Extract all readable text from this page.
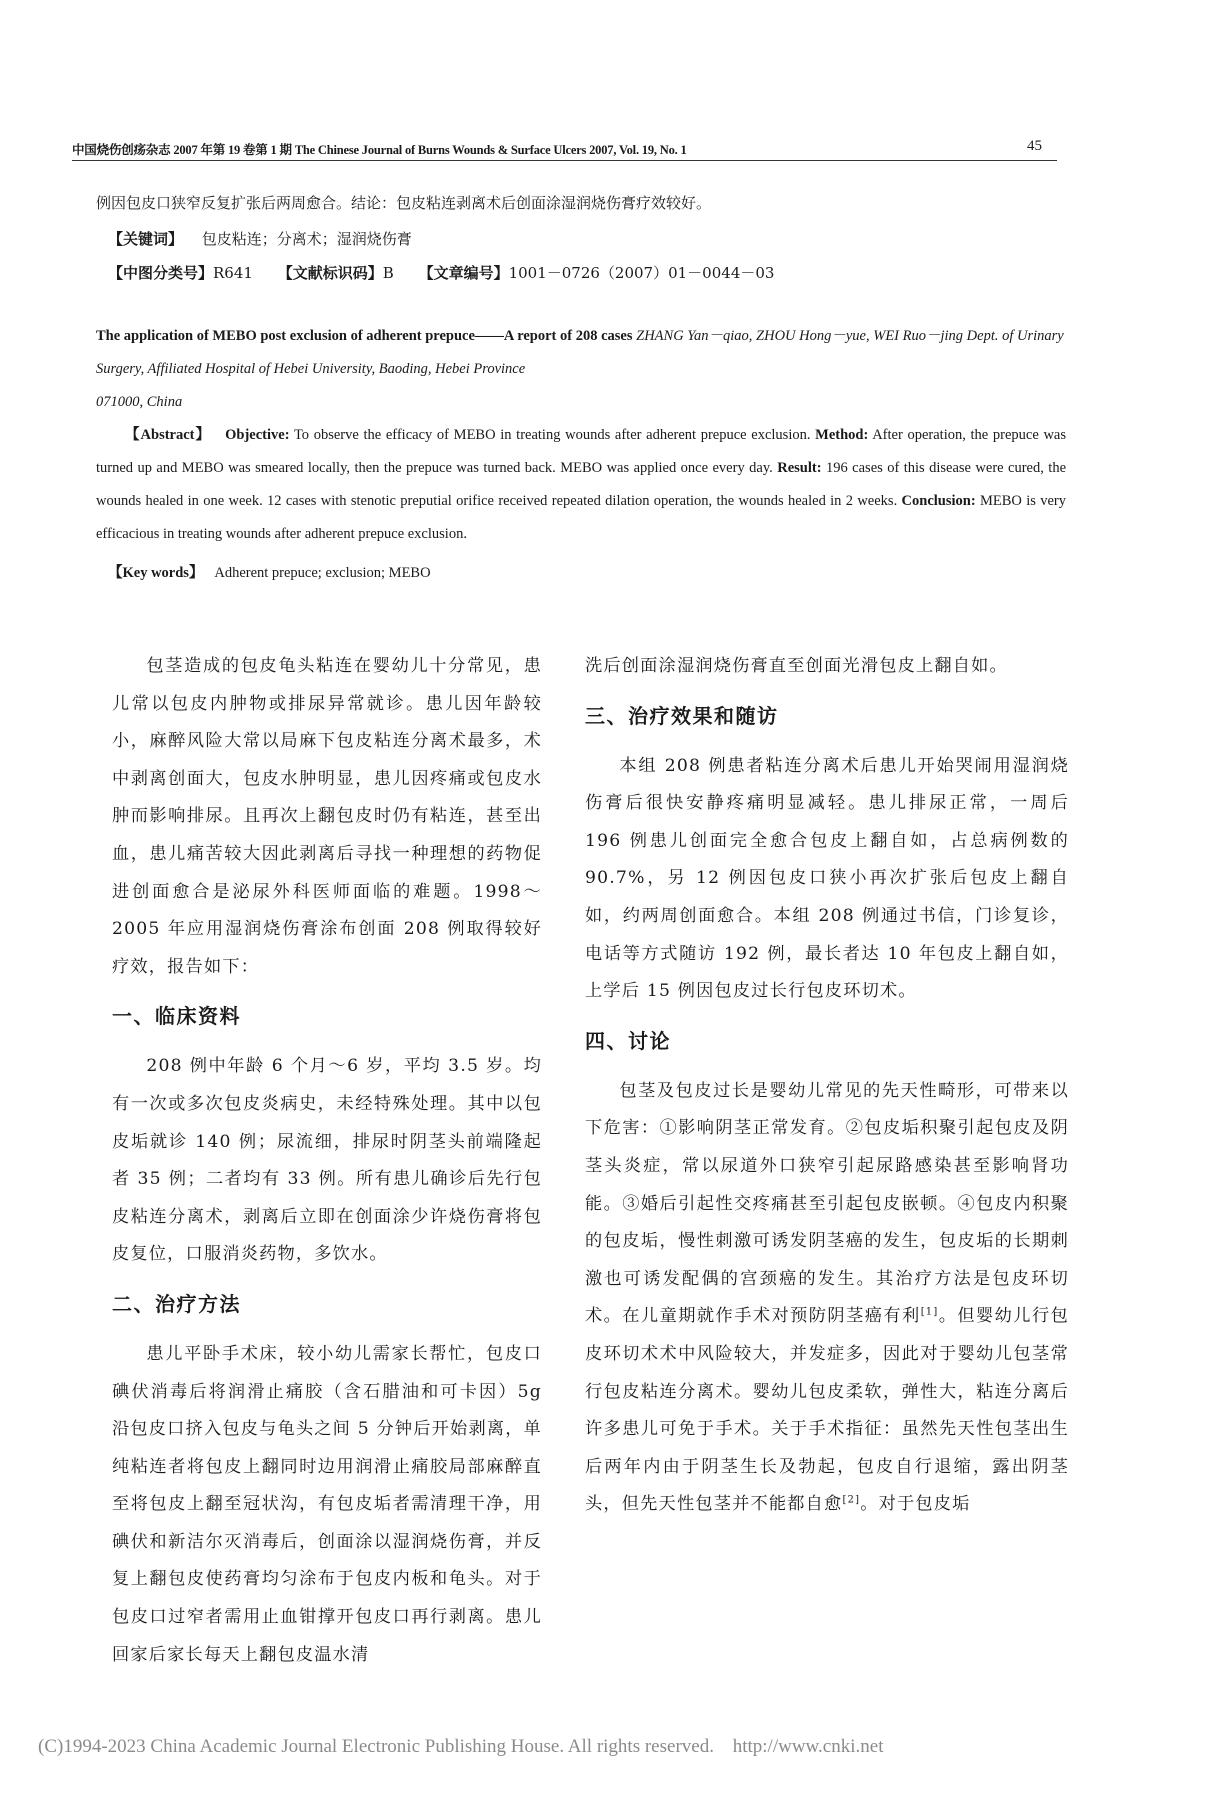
中国烧伤创疡杂志 2007 年第 19 卷第 1 期 The Chinese Journal of Burns Wounds & Surface Ulcers 2007, Vol. 19, No. 1	45
例因包皮口狭窄反复扩张后两周愈合。结论：包皮粘连剥离术后创面涂湿润烧伤膏疗效较好。
【关键词】 包皮粘连；分离术；湿润烧伤膏
【中图分类号】R641 【文献标识码】B 【文章编号】1001－0726（2007）01－0044－03
The application of MEBO post exclusion of adherent prepuce——A report of 208 cases ZHANG Yan－qiao, ZHOU Hong－yue, WEI Ruo－jing Dept. of Urinary Surgery, Affiliated Hospital of Hebei University, Baoding, Hebei Province
071000, China
【Abstract】 Objective: To observe the efficacy of MEBO in treating wounds after adherent prepuce exclusion. Method: After operation, the prepuce was turned up and MEBO was smeared locally, then the prepuce was turned back. MEBO was applied once every day. Result: 196 cases of this disease were cured, the wounds healed in one week. 12 cases with stenotic preputial orifice received repeated dilation operation, the wounds healed in 2 weeks. Conclusion: MEBO is very efficacious in treating wounds after adherent prepuce exclusion.
【Key words】 Adherent prepuce; exclusion; MEBO

包茎造成的包皮龟头粘连在婴幼儿十分常见，患儿常以包皮内肿物或排尿异常就诊。患儿因年龄较小，麻醉风险大常以局麻下包皮粘连分离术最多，术中剥离创面大，包皮水肿明显，患儿因疼痛或包皮水肿而影响排尿。且再次上翻包皮时仍有粘连，甚至出血，患儿痛苦较大因此剥离后寻找一种理想的药物促进创面愈合是泌尿外科医师面临的难题。1998～2005 年应用湿润烧伤膏涂布创面 208 例取得较好疗效，报告如下：

一、临床资料

208 例中年龄 6 个月～6 岁，平均 3.5 岁。均有一次或多次包皮炎病史，未经特殊处理。其中以包皮垢就诊 140 例；尿流细，排尿时阴茎头前端隆起者 35 例；二者均有 33 例。所有患儿确诊后先行包皮粘连分离术，剥离后立即在创面涂少许烧伤膏将包皮复位，口服消炎药物，多饮水。

二、治疗方法

患儿平卧手术床，较小幼儿需家长帮忙，包皮口碘伏消毒后将润滑止痛胶（含石腊油和可卡因）5g 沿包皮口挤入包皮与龟头之间 5 分钟后开始剥离，单纯粘连者将包皮上翻同时边用润滑止痛胶局部麻醉直至将包皮上翻至冠状沟，有包皮垢者需清理干净，用碘伏和新洁尔灭消毒后，创面涂以湿润烧伤膏，并反复上翻包皮使药膏均匀涂布于包皮内板和龟头。对于包皮口过窄者需用止血钳撑开包皮口再行剥离。患儿回家后家长每天上翻包皮温水清

洗后创面涂湿润烧伤膏直至创面光滑包皮上翻自如。

三、治疗效果和随访

本组 208 例患者粘连分离术后患儿开始哭闹用湿润烧伤膏后很快安静疼痛明显减轻。患儿排尿正常，一周后 196 例患儿创面完全愈合包皮上翻自如，占总病例数的 90.7%，另 12 例因包皮口狭小再次扩张后包皮上翻自如，约两周创面愈合。本组 208 例通过书信，门诊复诊，电话等方式随访 192 例，最长者达 10 年包皮上翻自如，上学后 15 例因包皮过长行包皮环切术。

四、讨论

包茎及包皮过长是婴幼儿常见的先天性畸形，可带来以下危害：①影响阴茎正常发育。②包皮垢积聚引起包皮及阴茎头炎症，常以尿道外口狭窄引起尿路感染甚至影响肾功能。③婚后引起性交疼痛甚至引起包皮嵌顿。④包皮内积聚的包皮垢，慢性刺激可诱发阴茎癌的发生，包皮垢的长期刺激也可诱发配偶的宫颈癌的发生。其治疗方法是包皮环切术。在儿童期就作手术对预防阴茎癌有利[1]。但婴幼儿行包皮环切术术中风险较大，并发症多，因此对于婴幼儿包茎常行包皮粘连分离术。婴幼儿包皮柔软，弹性大，粘连分离后许多患儿可免于手术。关于手术指征：虽然先天性包茎出生后两年内由于阴茎生长及勃起，包皮自行退缩，露出阴茎头，但先天性包茎并不能都自愈[2]。对于包皮垢

(C)1994-2023 China Academic Journal Electronic Publishing House. All rights reserved. http://www.cnki.net
